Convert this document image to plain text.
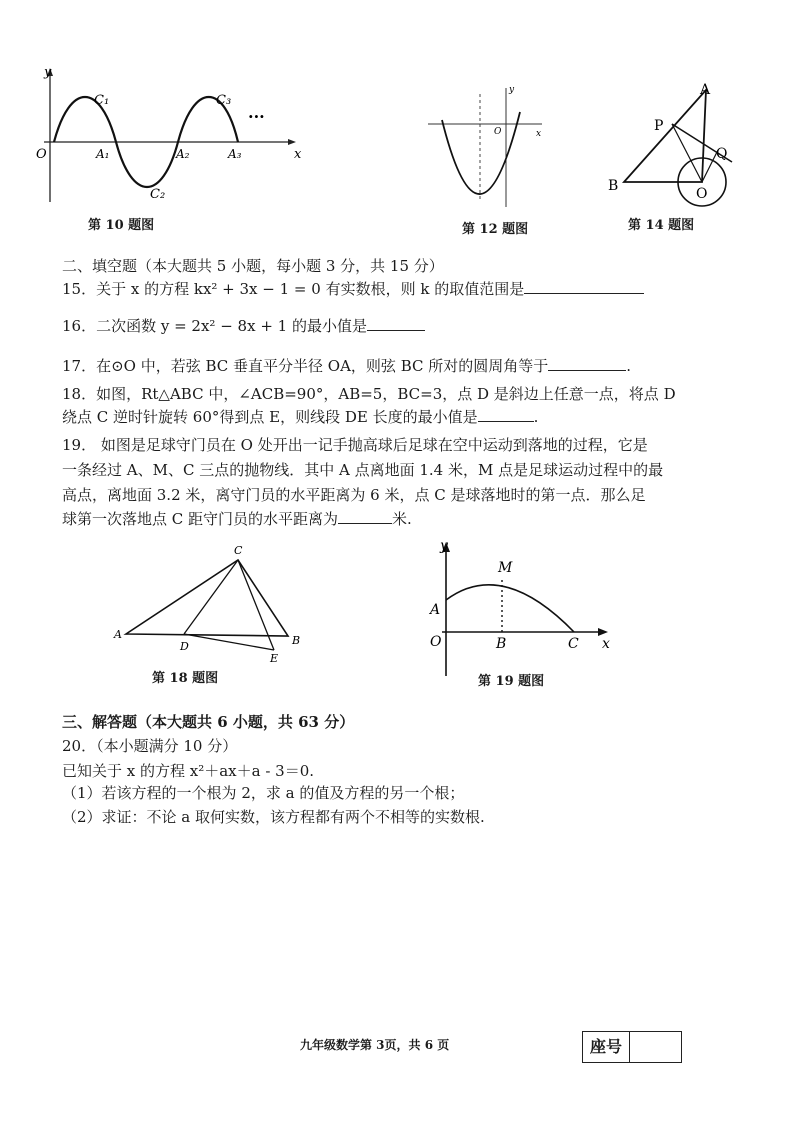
y
x
O
C₁
C₂
C₃
A₁	A₂	A₃
···
第 10 题图
y
x
O
第 12 题图
A
P
Q
B	O
第 14 题图
二、填空题（本大题共 5 小题，每小题 3 分，共 15 分）
15．关于 x 的方程 kx² + 3x − 1 = 0 有实数根，则 k 的取值范围是
16．二次函数 y = 2x² − 8x + 1 的最小值是
17．在⊙O 中，若弦 BC 垂直平分半径 OA，则弦 BC 所对的圆周角等于	.
18．如图，Rt△ABC 中，∠ACB=90°，AB=5，BC=3，点 D 是斜边上任意一点，将点 D
绕点 C 逆时针旋转 60°得到点 E，则线段 DE 长度的最小值是	.
19． 如图是足球守门员在 O 处开出一记手抛高球后足球在空中运动到落地的过程，它是
一条经过 A、M、C 三点的抛物线．其中 A 点离地面 1.4 米，M 点是足球运动过程中的最
高点，离地面 3.2 米，离守门员的水平距离为 6 米，点 C 是球落地时的第一点．那么足
球第一次落地点 C 距守门员的水平距离为	米.
C
A
D	B
E
第 18 题图
y
M
A
O	B	C x
第 19 题图
三、解答题（本大题共 6 小题，共 63 分）
20．（本小题满分 10 分）
已知关于 x 的方程 x²＋ax＋a - 3＝0.
（1）若该方程的一个根为 2，求 a 的值及方程的另一个根；
（2）求证：不论 a 取何实数，该方程都有两个不相等的实数根.
九年级数学第 3页，共 6 页	座号
